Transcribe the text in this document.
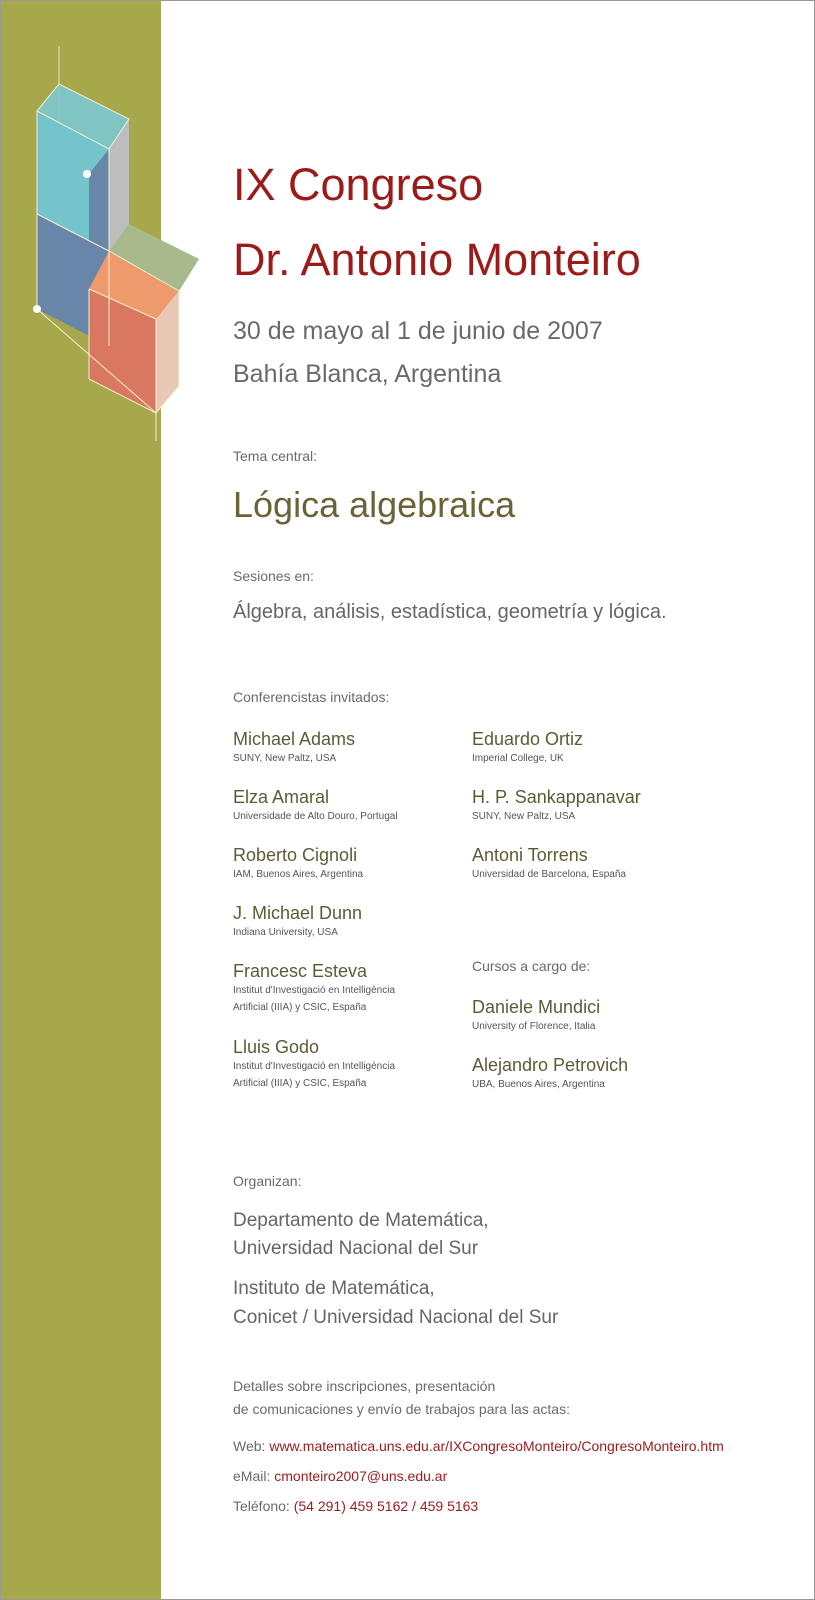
IX Congreso
Dr. Antonio Monteiro
30 de mayo al 1 de junio de 2007
Bahía Blanca, Argentina
Tema central:
Lógica algebraica
Sesiones en:
Álgebra, análisis, estadística, geometría y lógica.
Conferencistas invitados:
Michael Adams
SUNY, New Paltz, USA
Elza Amaral
Universidade de Alto Douro, Portugal
Roberto Cignoli
IAM, Buenos Aires, Argentina
J. Michael Dunn
Indiana University, USA
Francesc Esteva
Institut d'Investigació en Intelligència
Artificial (IIIA) y CSIC, España
Lluis Godo
Institut d'Investigació en Intelligència
Artificial (IIIA) y CSIC, España
Eduardo Ortiz
Imperial College, UK
H. P. Sankappanavar
SUNY, New Paltz, USA
Antoni Torrens
Universidad de Barcelona, España
Cursos a cargo de:
Daniele Mundici
University of Florence, Italia
Alejandro Petrovich
UBA, Buenos Aires, Argentina
Organizan:
Departamento de Matemática,
Universidad Nacional del Sur
Instituto de Matemática,
Conicet / Universidad Nacional del Sur
Detalles sobre inscripciones, presentación
de comunicaciones y envío de trabajos para las actas:
Web: www.matematica.uns.edu.ar/IXCongresoMonteiro/CongresoMonteiro.htm
eMail: cmonteiro2007@uns.edu.ar
Teléfono: (54 291) 459 5162 / 459 5163
